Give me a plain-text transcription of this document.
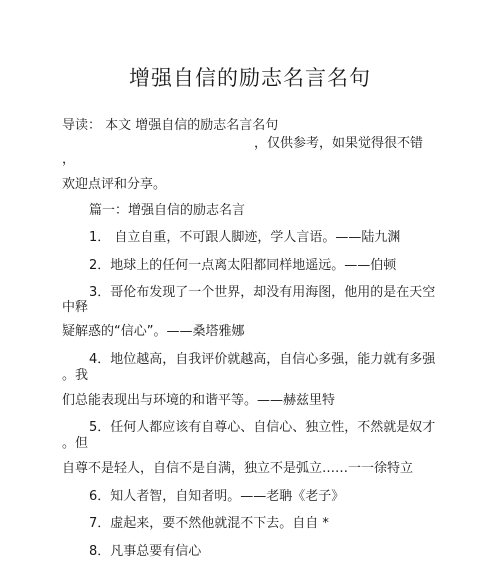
增强自信的励志名言名句
导读： 本文 增强自信的励志名言名句
，仅供参考，如果觉得很不错
，
欢迎点评和分享。
篇一：增强自信的励志名言
1． 自立自重，不可跟人脚迹，学人言语。——陆九渊
2．地球上的任何一点离太阳都同样地遥远。——伯顿
3．哥伦布发现了一个世界，却没有用海图，他用的是在天空
中释
疑解惑的“信心”。——桑塔雅娜
4．地位越高，自我评价就越高，自信心多强，能力就有多强
。我
们总能表现出与环境的和谐平等。——赫兹里特
5．任何人都应该有自尊心、自信心、独立性，不然就是奴才
。但
自尊不是轻人，自信不是自满，独立不是弧立……一一徐特立
6．知人者智，自知者明。——老聃《老子》
7．虚起来，要不然他就混不下去。自自 *
8．凡事总要有信心
